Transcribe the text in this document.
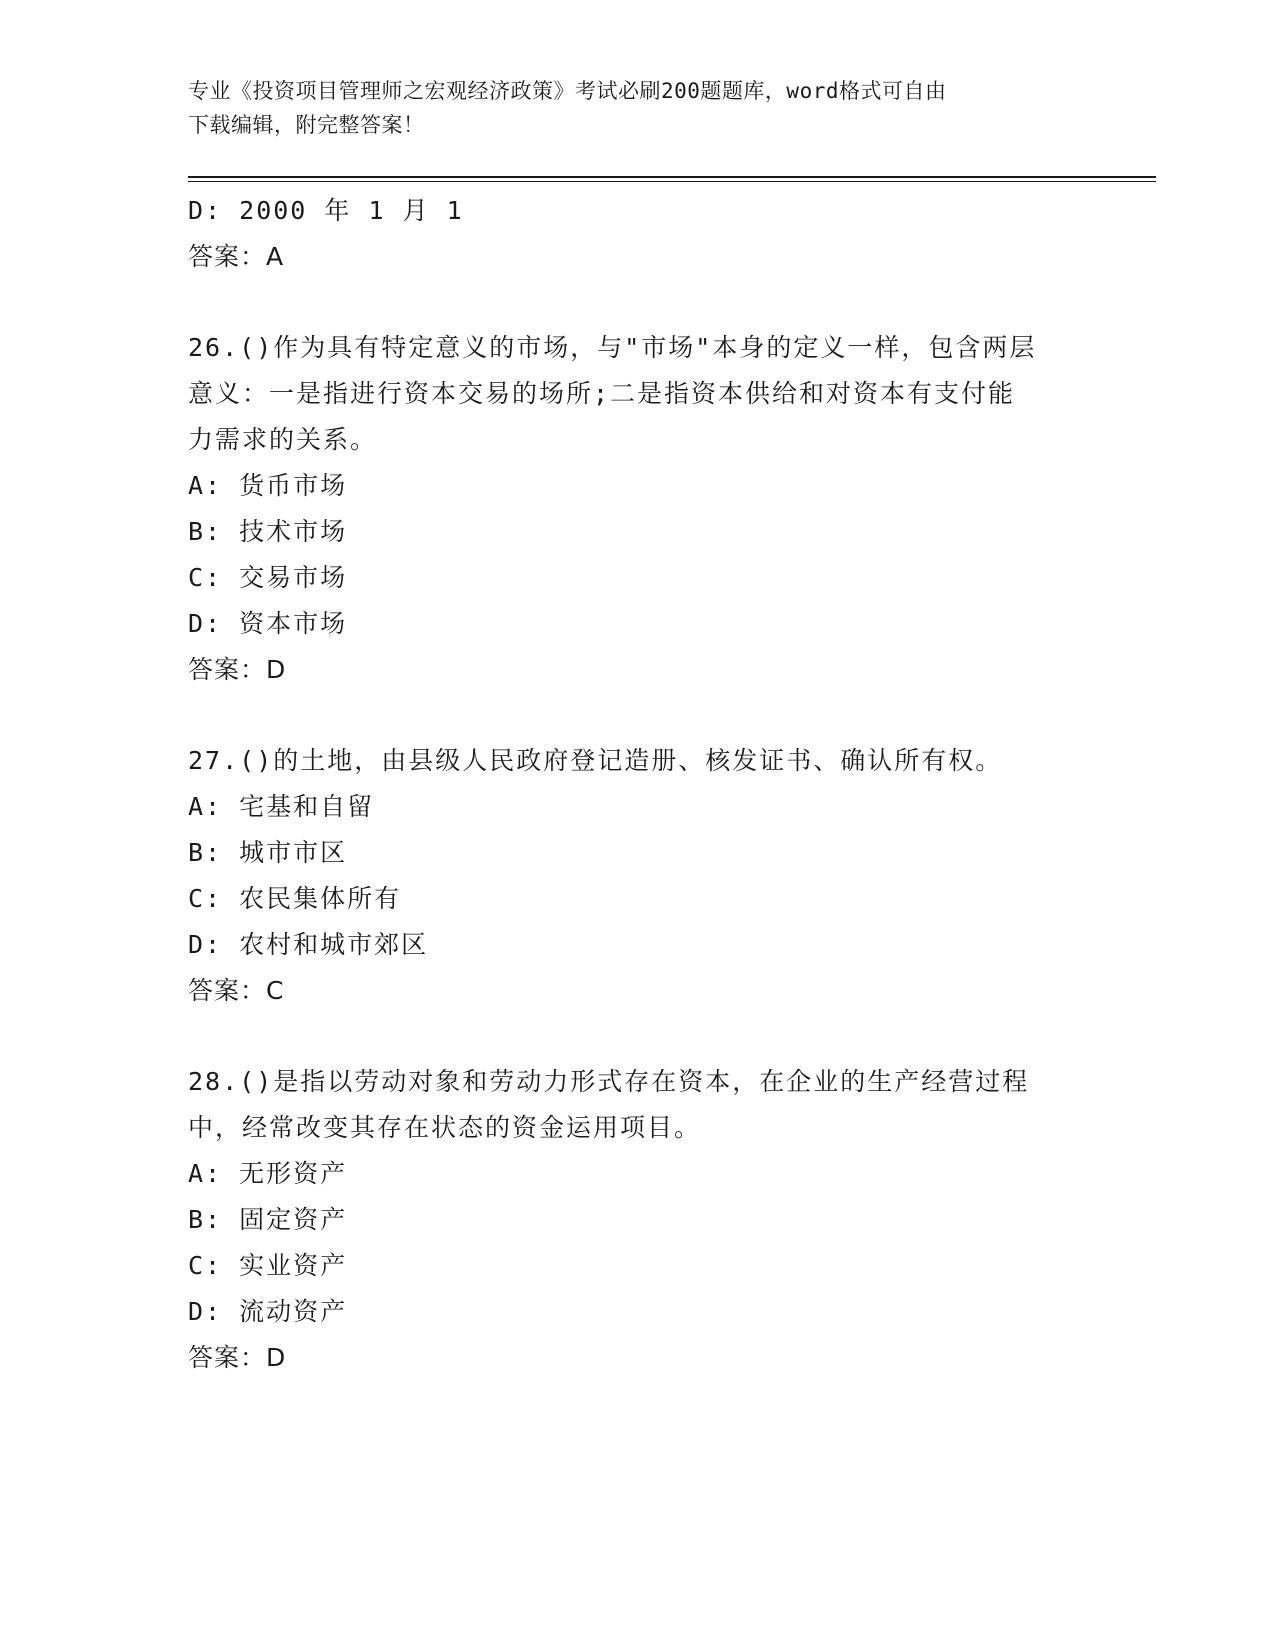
专业《投资项目管理师之宏观经济政策》考试必刷200题题库，word格式可自由
下载编辑，附完整答案！
D: 2000 年 1 月 1
答案：A
26.()作为具有特定意义的市场，与"市场"本身的定义一样，包含两层
意义：一是指进行资本交易的场所;二是指资本供给和对资本有支付能
力需求的关系。
A: 货币市场
B: 技术市场
C: 交易市场
D: 资本市场
答案：D
27.()的土地，由县级人民政府登记造册、核发证书、确认所有权。
A: 宅基和自留
B: 城市市区
C: 农民集体所有
D: 农村和城市郊区
答案：C
28.()是指以劳动对象和劳动力形式存在资本，在企业的生产经营过程
中，经常改变其存在状态的资金运用项目。
A: 无形资产
B: 固定资产
C: 实业资产
D: 流动资产
答案：D
